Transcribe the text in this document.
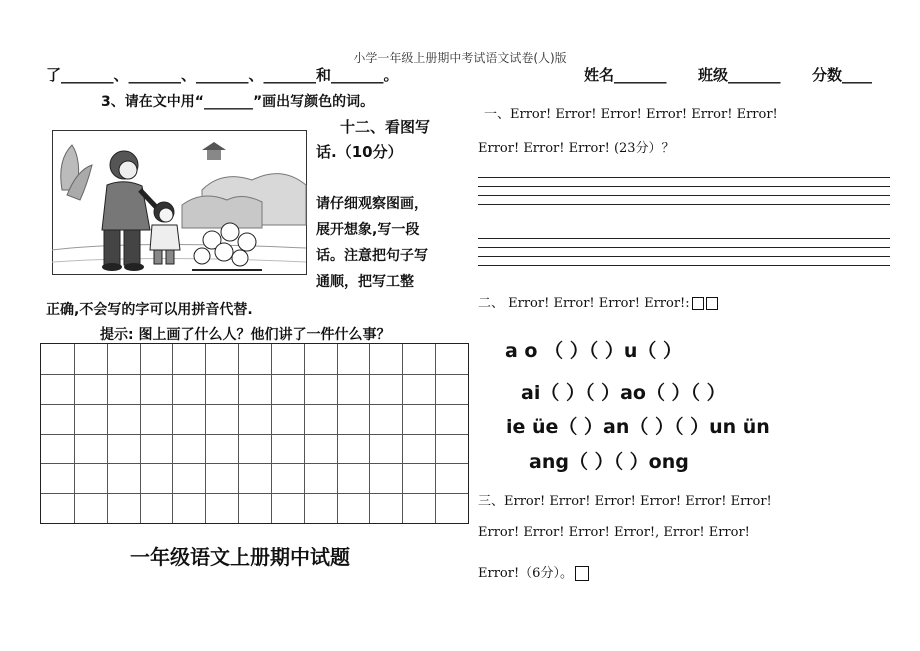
小学一年级上册期中考试语文试卷(人)版
了_______、_______、_______、_______和_______。
3、请在文中用“_______”画出写颜色的词。
十二、看图写
话.（10分）
请仔细观察图画，
展开想象,写一段
话。注意把句子写
通顺，把写工整
正确,不会写的字可以用拼音代替.
提示: 图上画了什么人？他们讲了一件什么事？
一年级语文上册期中试题
姓名_______ 班级_______ 分数____
一、Error! Error! Error! Error! Error! Error!
Error! Error! Error! (23分）？
二、 Error! Error! Error! Error!:
a o （ ）（ ）u（ ）
ai（ ）（ ）ao（ ）（ ）
ie üe（ ）an（ ）（ ）un ün
ang（ ）（ ）ong
三、Error! Error! Error! Error! Error! Error!
Error! Error! Error! Error!, Error! Error!
Error!（6分）。
